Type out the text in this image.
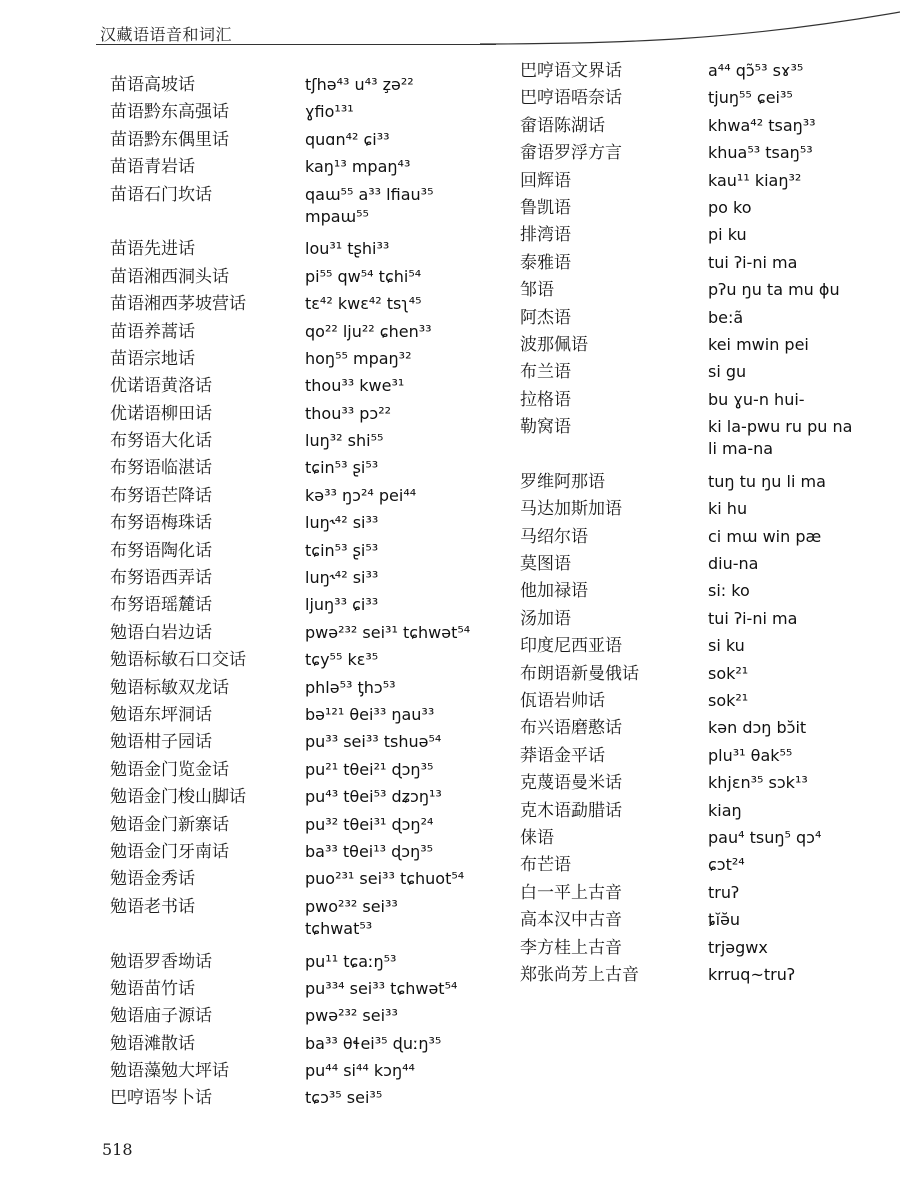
汉藏语语音和词汇
苗语高坡话	tʃhə⁴³ u⁴³ z̧ə²²
苗语黔东高强话	ɣfio¹³¹
苗语黔东偶里话	quɑn⁴² ɕi³³
苗语青岩话	kaŋ¹³ mpaŋ⁴³
苗语石门坎话	qaɯ⁵⁵ a³³ lfiau³⁵
mpaɯ⁵⁵
苗语先进话	lou³¹ tʂhi³³
苗语湘西洞头话	pi⁵⁵ qw⁵⁴ tɕhi⁵⁴
苗语湘西茅坡营话	tɛ⁴² kwɛ⁴² tsʅ⁴⁵
苗语养蒿话	qo²² lju²² ɕhen³³
苗语宗地话	hoŋ⁵⁵ mpaŋ³²
优诺语黄洛话	thou³³ kwe³¹
优诺语柳田话	thou³³ pɔ²²
布努语大化话	luŋ³² shi⁵⁵
布努语临湛话	tɕin⁵³ ʂi⁵³
布努语芒降话	kə³³ ŋɔ²⁴ pei⁴⁴
布努语梅珠话	luŋ˞⁴² si³³
布努语陶化话	tɕin⁵³ ʂi⁵³
布努语西弄话	luŋ˞⁴² si³³
布努语瑶麓话	ljuŋ³³ ɕi³³
勉语白岩边话	pwə²³² sei³¹ tɕhwət⁵⁴
勉语标敏石口交话	tɕy⁵⁵ kɛ³⁵
勉语标敏双龙话	phlə⁵³ ƫhɔ⁵³
勉语东坪洞话	bə¹²¹ θei³³ ŋau³³
勉语柑子园话	pu³³ sei³³ tshuə⁵⁴
勉语金门览金话	pu²¹ tθei²¹ ɖɔŋ³⁵
勉语金门梭山脚话	pu⁴³ tθei⁵³ dʑɔŋ¹³
勉语金门新寨话	pu³² tθei³¹ ɖɔŋ²⁴
勉语金门牙南话	ba³³ tθei¹³ ɖɔŋ³⁵
勉语金秀话	puo²³¹ sei³³ tɕhuot⁵⁴
勉语老书话	pwo²³² sei³³
tɕhwat⁵³
勉语罗香坳话	pu¹¹ tɕaːŋ⁵³
勉语苗竹话	pu³³⁴ sei³³ tɕhwət⁵⁴
勉语庙子源话	pwə²³² sei³³
勉语滩散话	ba³³ θɬei³⁵ ɖuːŋ³⁵
勉语藻勉大坪话	pu⁴⁴ si⁴⁴ kɔŋ⁴⁴
巴哼语岑卜话	tɕɔ³⁵ sei³⁵
巴哼语文界话	a⁴⁴ qɔ̃⁵³ sɤ³⁵
巴哼语唔奈话	tjuŋ⁵⁵ ɕei³⁵
畲语陈湖话	khwa⁴² tsaŋ³³
畲语罗浮方言	khua⁵³ tsaŋ⁵³
回辉语	kau¹¹ kiaŋ³²
鲁凯语	po ko
排湾语	pi ku
泰雅语	tui ʔi-ni ma
邹语	pʔu ŋu ta mu ɸu
阿杰语	be:ã
波那佩语	kei mwin pei
布兰语	si gu
拉格语	bu ɣu-n hui-
勒窝语	ki la-pwu ru pu na
li ma-na
罗维阿那语	tuŋ tu ŋu li ma
马达加斯加语	ki hu
马绍尔语	ci mɯ win pæ
莫图语	diu-na
他加禄语	si: ko
汤加语	tui ʔi-ni ma
印度尼西亚语	si ku
布朗语新曼俄话	sok²¹
佤语岩帅话	sok²¹
布兴语磨憨话	kən dɔŋ bɔ̆it
莽语金平话	plu³¹ θak⁵⁵
克蔑语曼米话	khjɛn³⁵ sɔk¹³
克木语勐腊话	kiaŋ
俫语	pau⁴ tsuŋ⁵ qɔ⁴
布芒语	ɕɔt²⁴
白一平上古音	truʔ
高本汉中古音	ȶĭə̆u
李方桂上古音	trjəgwx
郑张尚芳上古音	krruq~truʔ
518
